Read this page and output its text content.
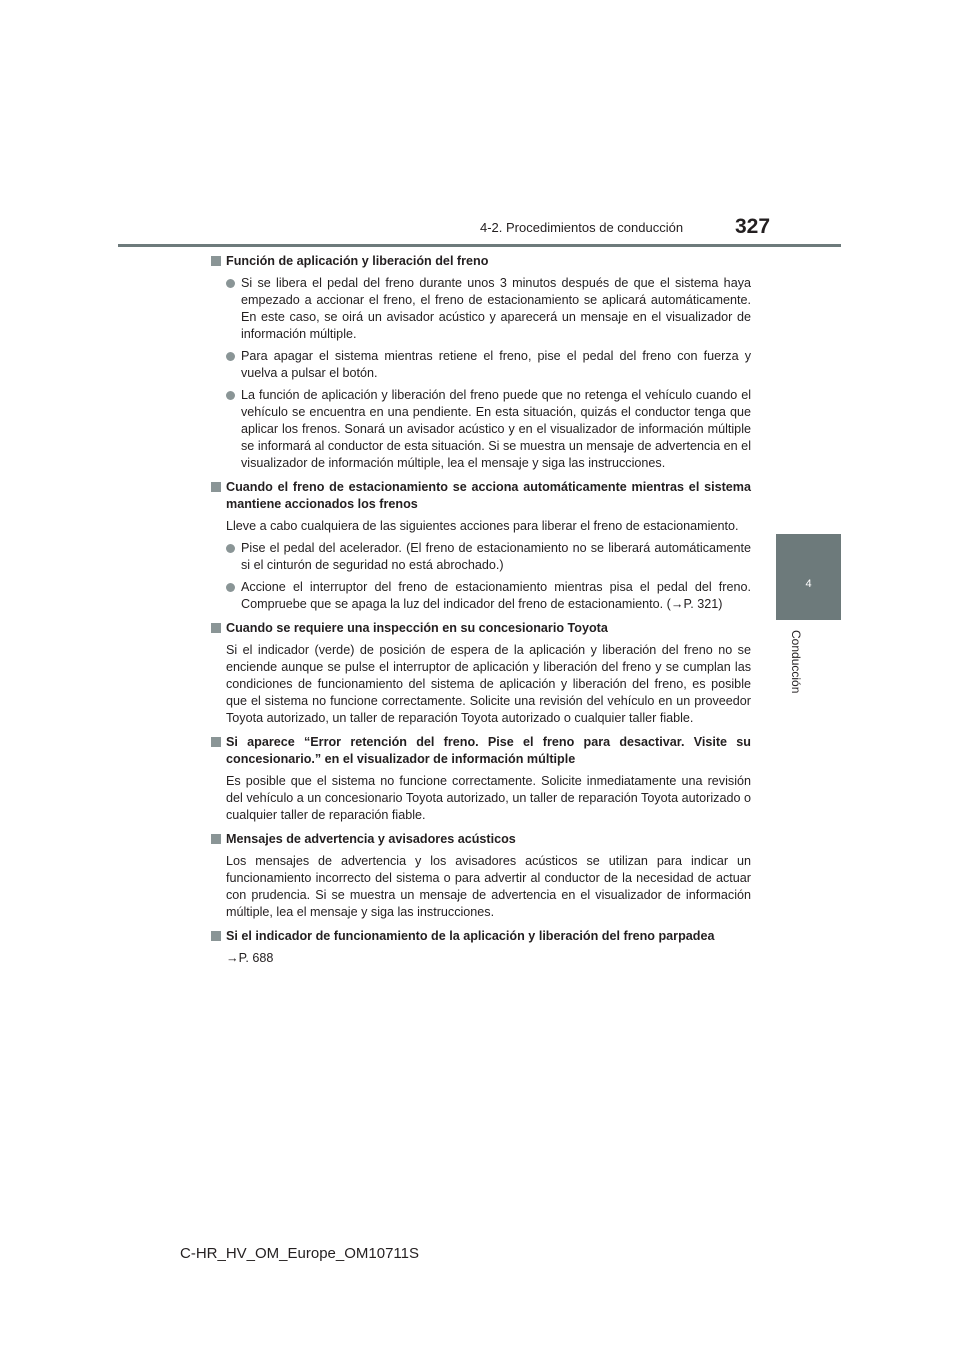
4-2. Procedimientos de conducción 327
4
Conducción

Función de aplicación y liberación del freno

Si se libera el pedal del freno durante unos 3 minutos después de que el sistema haya empezado a accionar el freno, el freno de estacionamiento se aplicará automáticamente. En este caso, se oirá un avisador acústico y aparecerá un mensaje en el visualizador de información múltiple.

Para apagar el sistema mientras retiene el freno, pise el pedal del freno con fuerza y vuelva a pulsar el botón.

La función de aplicación y liberación del freno puede que no retenga el vehículo cuando el vehículo se encuentra en una pendiente. En esta situación, quizás el conductor tenga que aplicar los frenos. Sonará un avisador acústico y en el visualizador de información múltiple se informará al conductor de esta situación. Si se muestra un mensaje de advertencia en el visualizador de información múltiple, lea el mensaje y siga las instrucciones.

Cuando el freno de estacionamiento se acciona automáticamente mientras el sistema mantiene accionados los frenos

Lleve a cabo cualquiera de las siguientes acciones para liberar el freno de estacionamiento.

Pise el pedal del acelerador. (El freno de estacionamiento no se liberará automáticamente si el cinturón de seguridad no está abrochado.)

Accione el interruptor del freno de estacionamiento mientras pisa el pedal del freno. Compruebe que se apaga la luz del indicador del freno de estacionamiento. (→P. 321)

Cuando se requiere una inspección en su concesionario Toyota

Si el indicador (verde) de posición de espera de la aplicación y liberación del freno no se enciende aunque se pulse el interruptor de aplicación y liberación del freno y se cumplan las condiciones de funcionamiento del sistema de aplicación y liberación del freno, es posible que el sistema no funcione correctamente. Solicite una revisión del vehículo en un proveedor Toyota autorizado, un taller de reparación Toyota autorizado o cualquier taller fiable.

Si aparece “Error retención del freno. Pise el freno para desactivar. Visite su concesionario.” en el visualizador de información múltiple

Es posible que el sistema no funcione correctamente. Solicite inmediatamente una revisión del vehículo a un concesionario Toyota autorizado, un taller de reparación Toyota autorizado o cualquier taller de reparación fiable.

Mensajes de advertencia y avisadores acústicos

Los mensajes de advertencia y los avisadores acústicos se utilizan para indicar un funcionamiento incorrecto del sistema o para advertir al conductor de la necesidad de actuar con prudencia. Si se muestra un mensaje de advertencia en el visualizador de información múltiple, lea el mensaje y siga las instrucciones.

Si el indicador de funcionamiento de la aplicación y liberación del freno parpadea

→P. 688

C-HR_HV_OM_Europe_OM10711S
